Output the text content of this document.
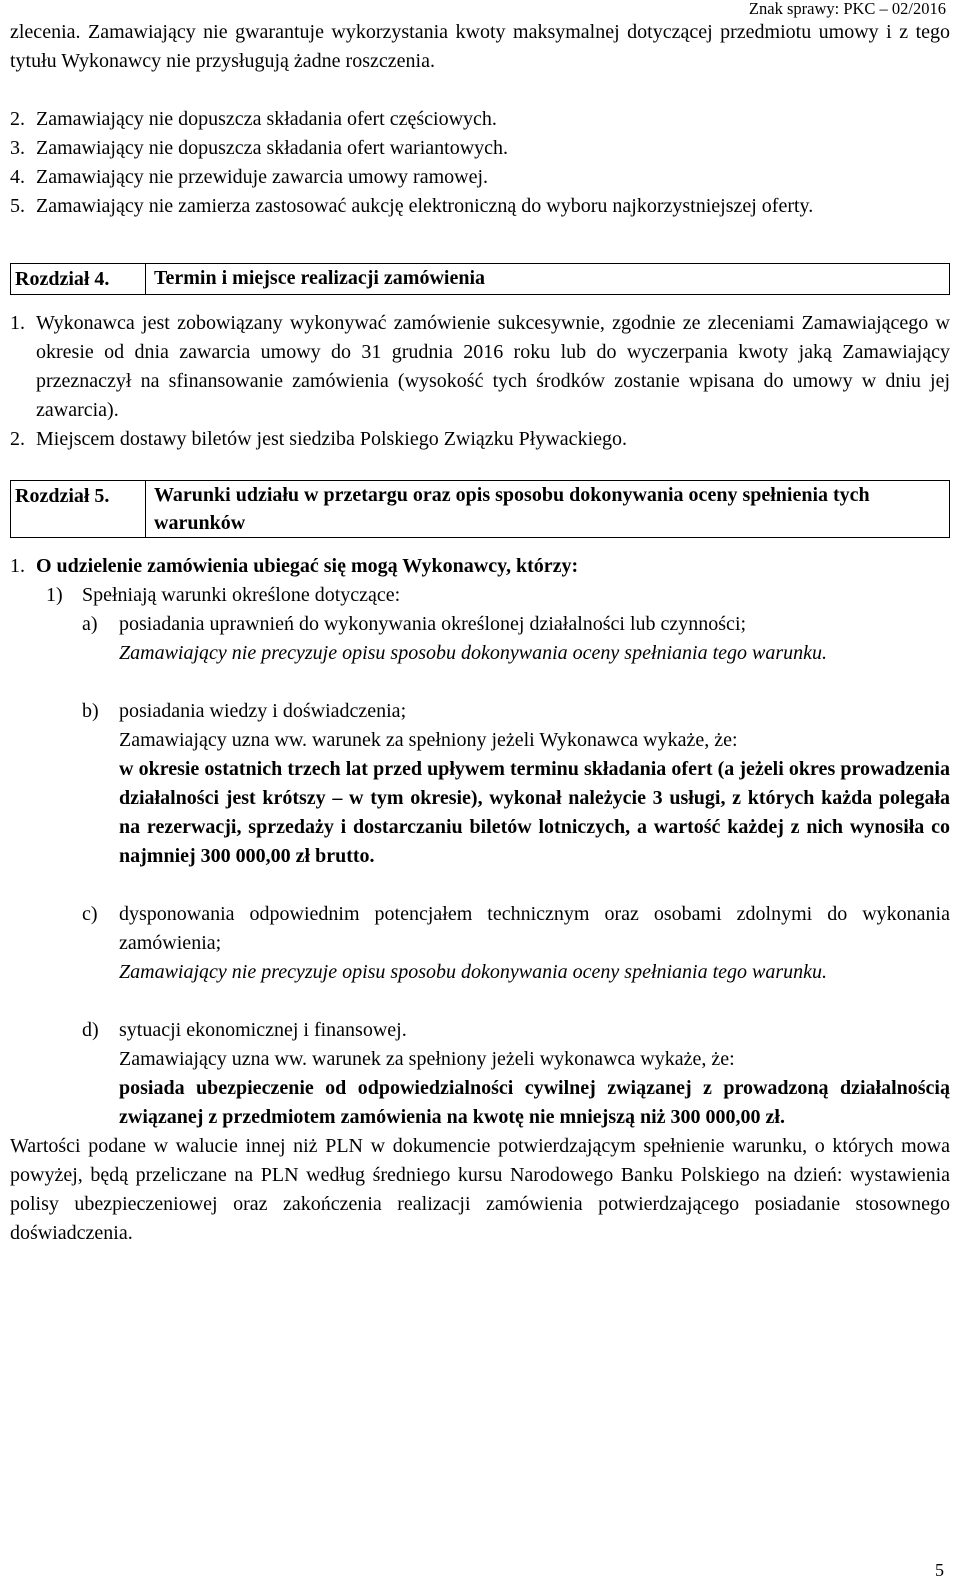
Znak sprawy: PKC – 02/2016

zlecenia. Zamawiający nie gwarantuje wykorzystania kwoty maksymalnej dotyczącej przedmiotu umowy i z tego tytułu Wykonawcy nie przysługują żadne roszczenia.

2. Zamawiający nie dopuszcza składania ofert częściowych.
3. Zamawiający nie dopuszcza składania ofert wariantowych.
4. Zamawiający nie przewiduje zawarcia umowy ramowej.
5. Zamawiający nie zamierza zastosować aukcję elektroniczną do wyboru najkorzystniejszej oferty.
Rozdział 4.	Termin i miejsce realizacji zamówienia
1. Wykonawca jest zobowiązany wykonywać zamówienie sukcesywnie, zgodnie ze zleceniami Zamawiającego w okresie od dnia zawarcia umowy do 31 grudnia 2016 roku lub do wyczerpania kwoty jaką Zamawiający przeznaczył na sfinansowanie zamówienia (wysokość tych środków zostanie wpisana do umowy w dniu jej zawarcia).
2. Miejscem dostawy biletów jest siedziba Polskiego Związku Pływackiego.
Rozdział 5.	Warunki udziału w przetargu oraz opis sposobu dokonywania oceny spełnienia tych warunków
1. O udzielenie zamówienia ubiegać się mogą Wykonawcy, którzy:
1) Spełniają warunki określone dotyczące:
a)	posiadania uprawnień do wykonywania określonej działalności lub czynności;

Zamawiający nie precyzuje opisu sposobu dokonywania oceny spełniania tego warunku.

b)	posiadania wiedzy i doświadczenia;

Zamawiający uzna ww. warunek za spełniony jeżeli Wykonawca wykaże, że:

w okresie ostatnich trzech lat przed upływem terminu składania ofert (a jeżeli okres prowadzenia działalności jest krótszy – w tym okresie), wykonał należycie 3 usługi, z których każda polegała na rezerwacji, sprzedaży i dostarczaniu biletów lotniczych, a wartość każdej z nich wynosiła co najmniej 300 000,00 zł brutto.

c)	dysponowania odpowiednim potencjałem technicznym oraz osobami zdolnymi do wykonania zamówienia;

Zamawiający nie precyzuje opisu sposobu dokonywania oceny spełniania tego warunku.

d)	sytuacji ekonomicznej i finansowej.

Zamawiający uzna ww. warunek za spełniony jeżeli wykonawca wykaże, że:

posiada ubezpieczenie od odpowiedzialności cywilnej związanej z prowadzoną działalnością związanej z przedmiotem zamówienia na kwotę nie mniejszą niż 300 000,00 zł.

Wartości podane w walucie innej niż PLN w dokumencie potwierdzającym spełnienie warunku, o których mowa powyżej, będą przeliczane na PLN według średniego kursu Narodowego Banku Polskiego na dzień: wystawienia polisy ubezpieczeniowej oraz zakończenia realizacji zamówienia potwierdzającego posiadanie stosownego doświadczenia.

5
